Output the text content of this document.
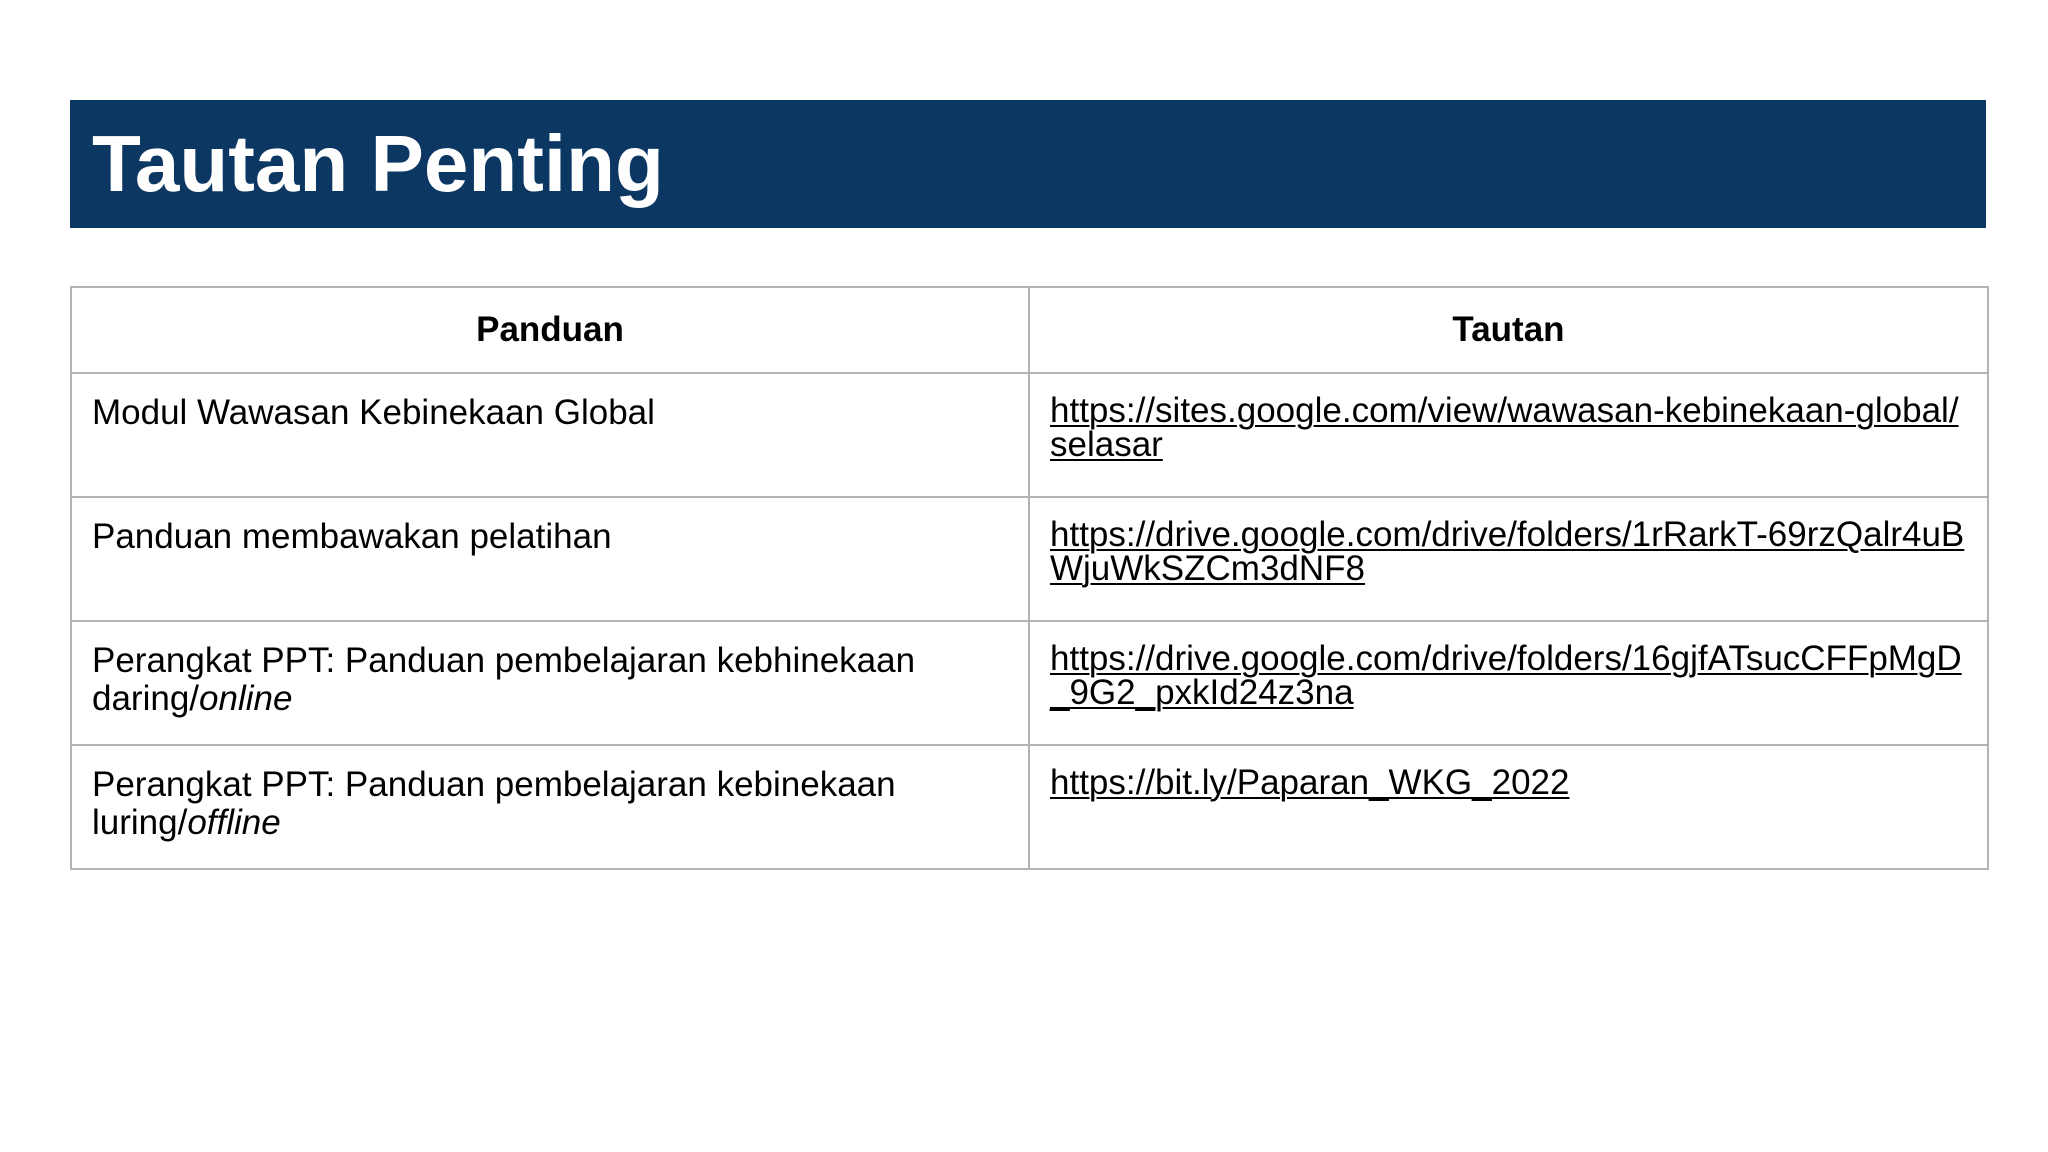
Tautan Penting
Panduan	Tautan
Modul Wawasan Kebinekaan Global	https://sites.google.com/view/wawasan-kebinekaan-global/selasar

Panduan membawakan pelatihan	https://drive.google.com/drive/folders/1rRarkT-69rzQalr4uBWjuWkSZCm3dNF8

Perangkat PPT: Panduan pembelajaran kebhinekaan daring/online	https://drive.google.com/drive/folders/16gjfATsucCFFpMgD_9G2_pxkId24z3na

Perangkat PPT: Panduan pembelajaran kebinekaan luring/offline	https://bit.ly/Paparan_WKG_2022
